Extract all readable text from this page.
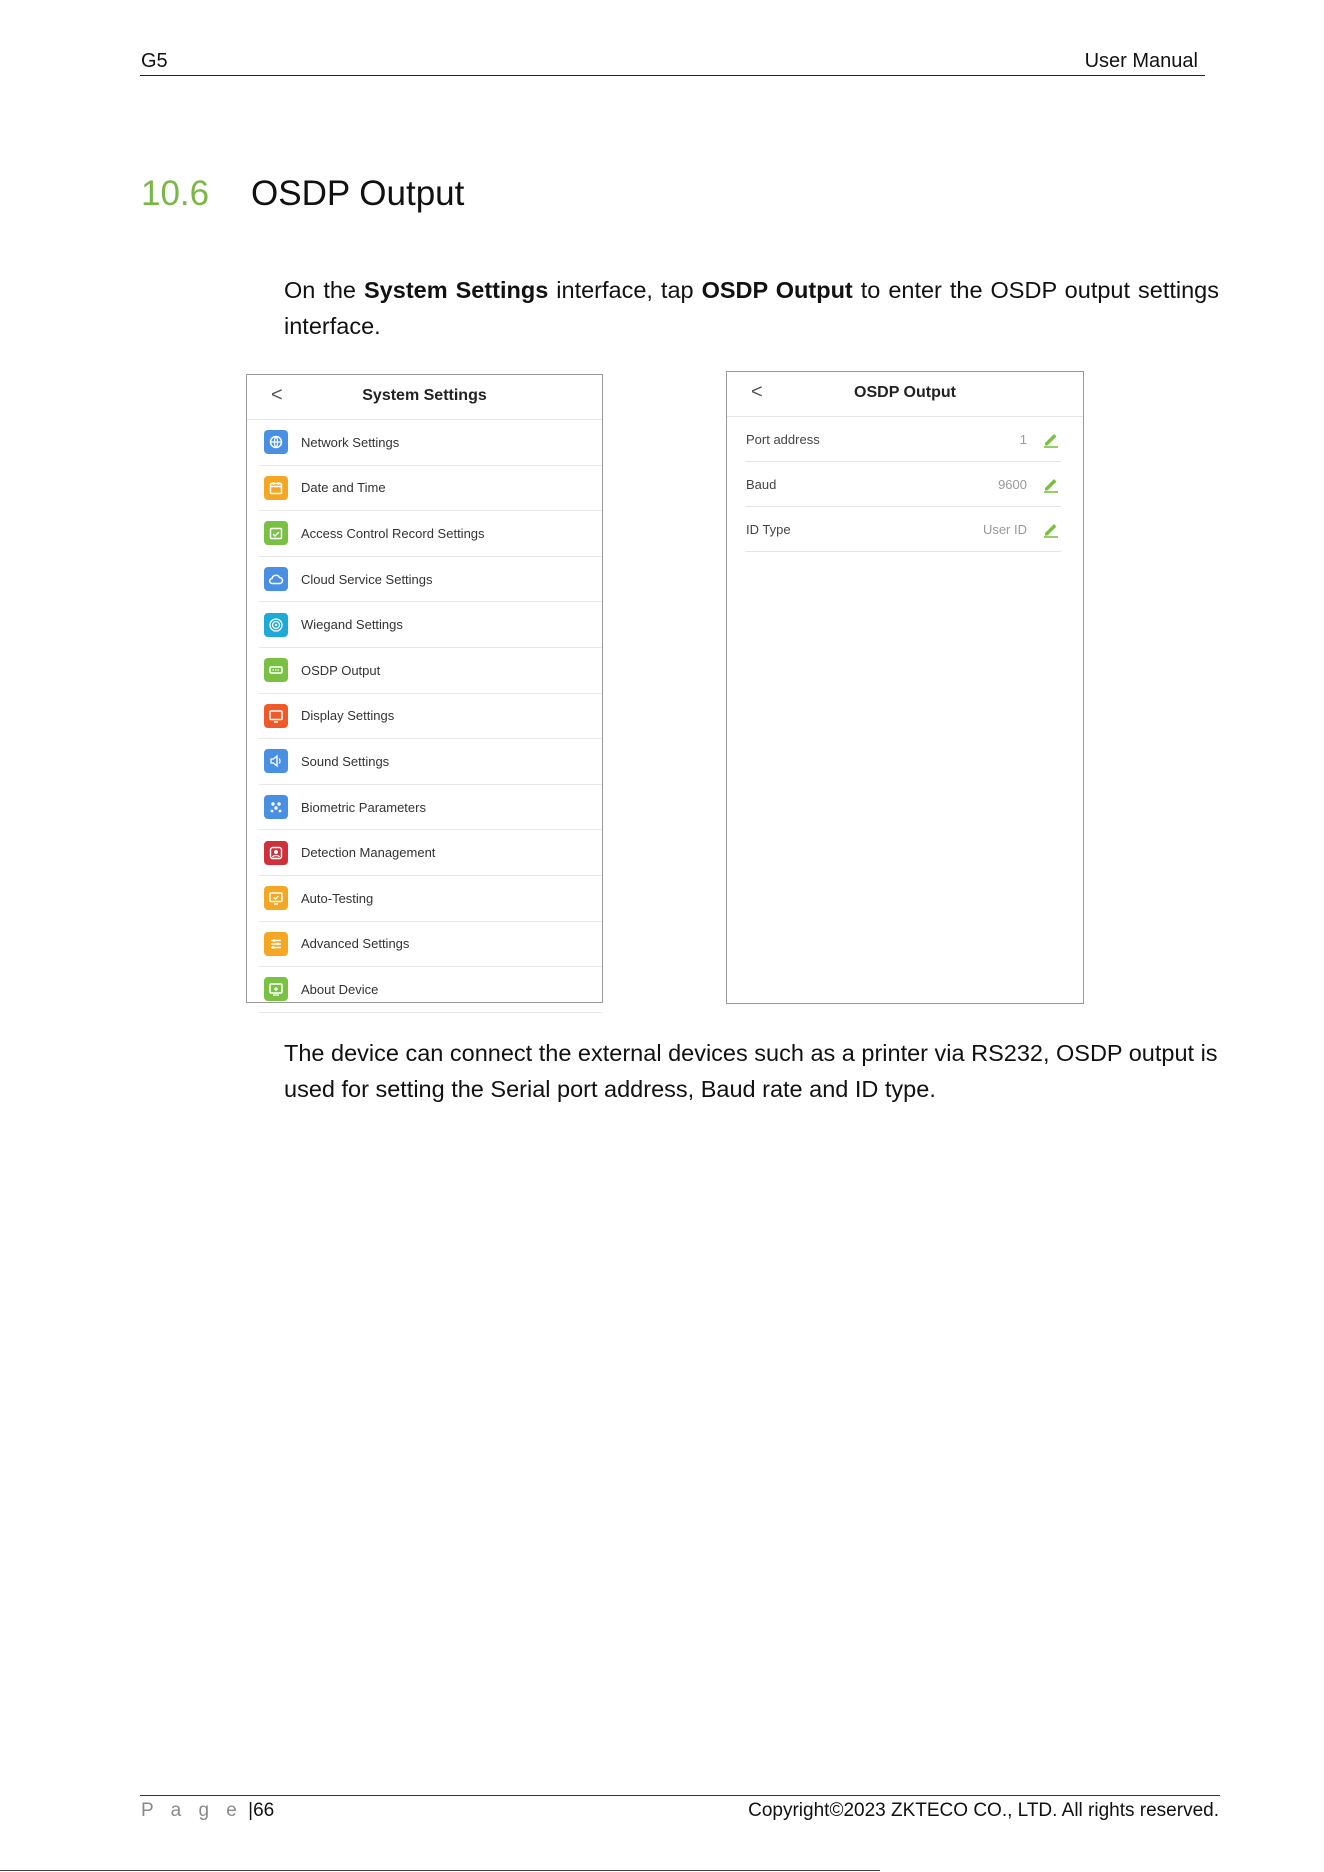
G5	User Manual
10.6 OSDP Output
On the System Settings interface, tap OSDP Output to enter the OSDP output settings interface.
<	System Settings
Network Settings
Date and Time
Access Control Record Settings
Cloud Service Settings
Wiegand Settings
OSDP Output
Display Settings
Sound Settings
Biometric Parameters
Detection Management
Auto-Testing
Advanced Settings
About Device
<	OSDP Output
Port address	1
Baud	9600
ID Type	User ID
The device can connect the external devices such as a printer via RS232, OSDP output is used for setting the Serial port address, Baud rate and ID type.
P a g e |66	Copyright©2023 ZKTECO CO., LTD. All rights reserved.
